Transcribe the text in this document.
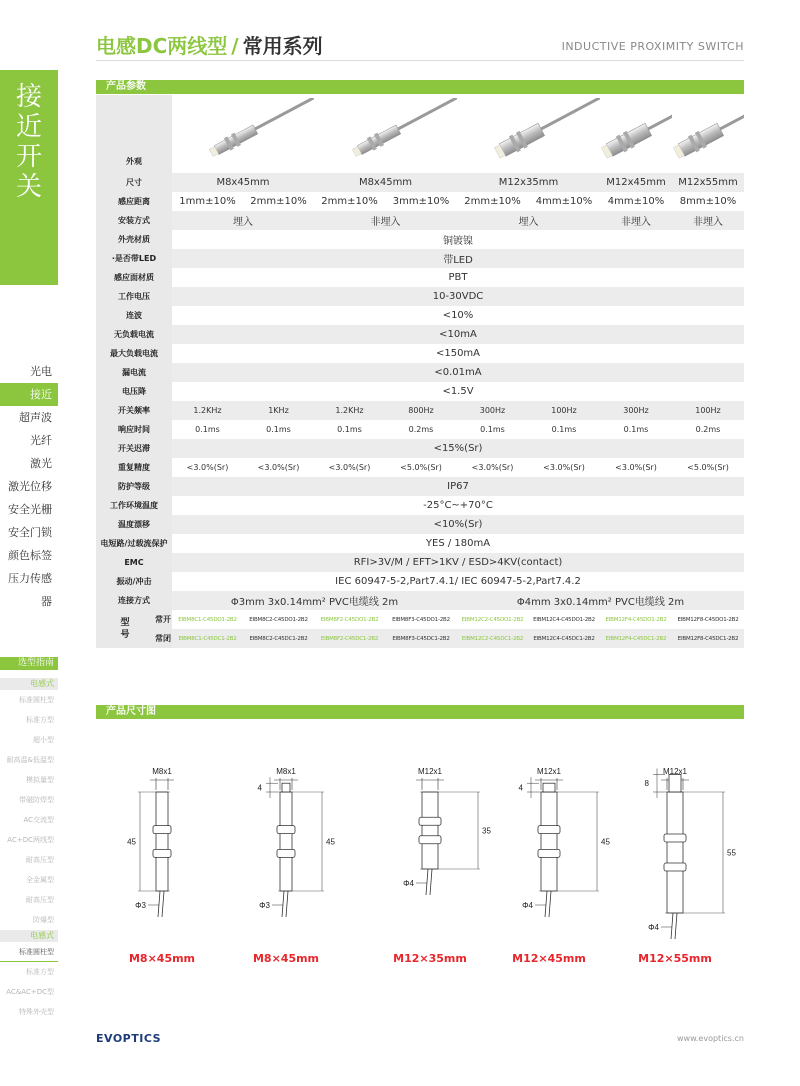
接近开关
光电
接近
超声波
光纤
激光
激光位移
安全光栅
安全门锁
颜色标签
压力传感器
选型指南
电感式
标准圆柱型
标准方型
超小型
耐高温&低温型
模拟量型
带磁防焊型
AC交流型
AC+DC两线型
耐高压型
全金属型
耐高压型
防爆型
电感式
标准圆柱型
标准方型
AC&AC+DC型
特殊外壳型
电感DC两线型 / 常用系列	INDUCTIVE PROXIMITY SWITCH
产品参数
外观					
尺寸		M8x45mm		M8x45mm		M12x35mm		M12x45mm	M12x55mm
感应距离		1mm±10%	2mm±10%	2mm±10%	3mm±10%	2mm±10%	4mm±10%	4mm±10%	8mm±10%
安装方式		埋入		非埋入		埋入		非埋入	非埋入
外壳材质		铜镀镍							
·是否带LED		带LED							
感应面材质		PBT							
工作电压		10-30VDC							
连波		<10%							
无负载电流		<10mA							
最大负载电流		<150mA							
漏电流		<0.01mA							
电压降		<1.5V							
开关频率		1.2KHz	1KHz	1.2KHz	800Hz	300Hz	100Hz	300Hz	100Hz
响应时间		0.1ms	0.1ms	0.1ms	0.2ms	0.1ms	0.1ms	0.1ms	0.2ms
开关迟滞		<15%(Sr)							
重复精度		<3.0%(Sr)	<3.0%(Sr)	<3.0%(Sr)	<5.0%(Sr)	<3.0%(Sr)	<3.0%(Sr)	<3.0%(Sr)	<5.0%(Sr)
防护等级		IP67							
工作环境温度		-25°C~+70°C							
温度漂移		<10%(Sr)							
电短路/过载流保护		YES / 180mA							
EMC		RFI>3V/M / EFT>1KV / ESD>4KV(contact)							
振动/冲击		IEC 60947-5-2,Part7.4.1/ IEC 60947-5-2,Part7.4.2							
连接方式		Φ3mm 3x0.14mm² PVC电缆线 2m				Φ4mm 3x0.14mm² PVC电缆线 2m			
型号	常开	EIBM8C1-C45DO1-2B2	EIBM8C2-C45DO1-2B2	EIBM8F2-C45DO1-2B2	EIBM8F3-C45DO1-2B2	EIBM12C2-C45DO1-2B2	EIBM12C4-C45DO1-2B2	EIBM12F4-C45DO1-2B2	EIBM12F8-C45DO1-2B2
	常闭	EIBM8C1-C45DC1-2B2	EIBM8C2-C45DC1-2B2	EIBM8F2-C45DC1-2B2	EIBM8F3-C45DC1-2B2	EIBM12C2-C45DC1-2B2	EIBM12C4-C45DC1-2B2	EIBM12F4-C45DC1-2B2	EIBM12F8-C45DC1-2B2
产品尺寸图
M8x1
45
Φ3
M8x1
45
4
Φ3
M12x1
35
Φ4
M12x1
45
4
Φ4
M12x1
55
8
Φ4
M8×45mm	M8×45mm	M12×35mm	M12×45mm	M12×55mm
EVOPTICS	www.evoptics.cn
